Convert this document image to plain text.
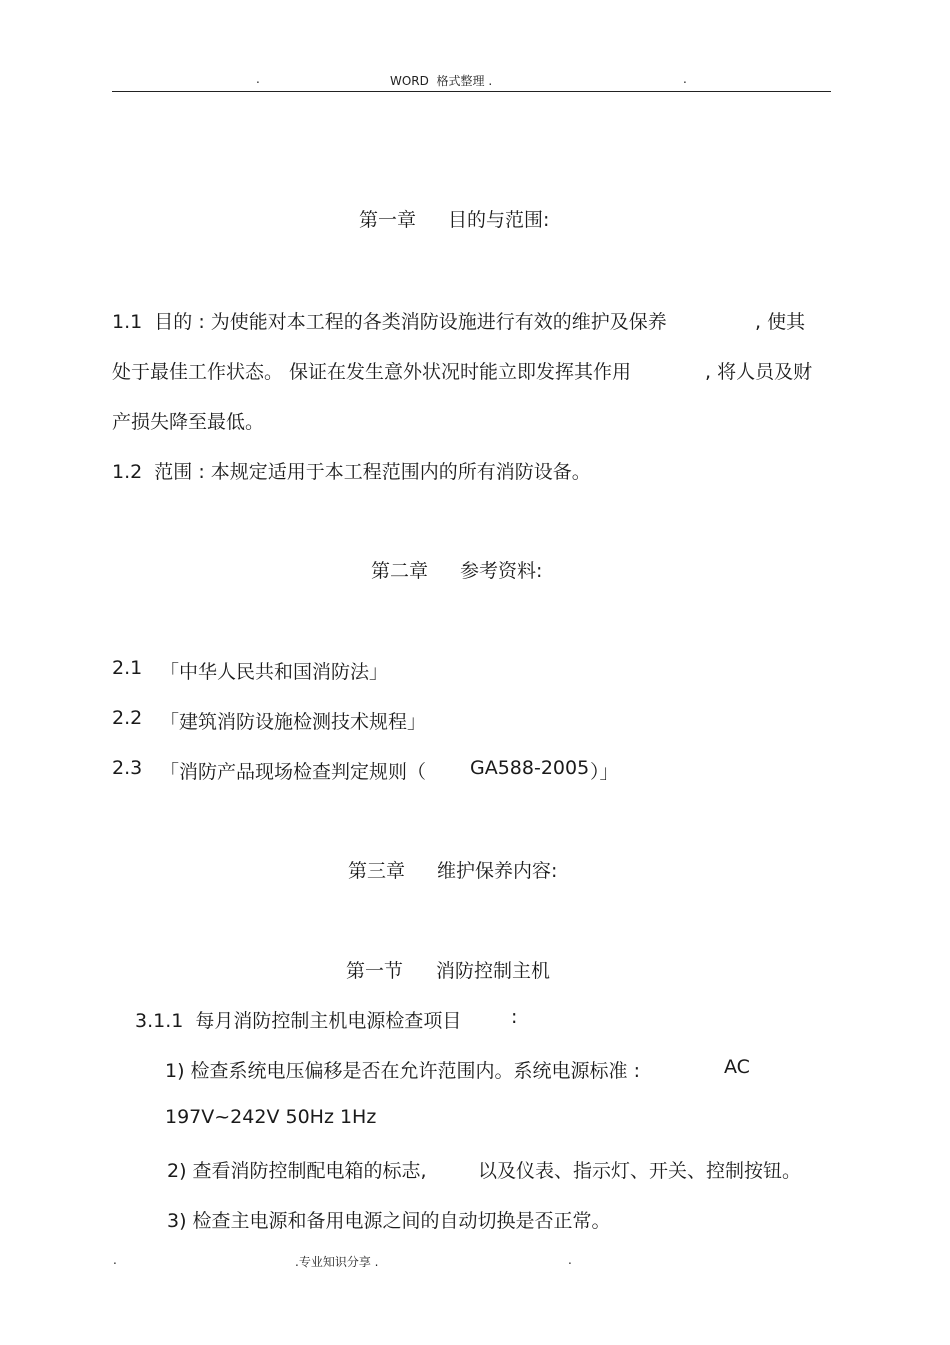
.	WORD  格式整理 .	.
第一章 目的与范围:
1.1  目的 : 为使能对本工程的各类消防设施进行有效的维护及保养	, 使其
处于最佳工作状态。 保证在发生意外状况时能立即发挥其作用	, 将人员及财
产损失降至最低。
1.2  范围 : 本规定适用于本工程范围内的所有消防设备。
第二章 参考资料:
2.1 「中华人民共和国消防法」
2.2 「建筑消防设施检测技术规程」
2.3 「消防产品现场检查判定规则（ GA588-2005 ）」
第三章 维护保养内容:
第一节 消防控制主机
3.1.1  每月消防控制主机电源检查项目	:
1) 检查系统电压偏移是否在允许范围内。系统电源标准 :	AC
197V~242V 50Hz 1Hz
2) 查看消防控制配电箱的标志,	以及仪表、指示灯、开关、控制按钮。
3) 检查主电源和备用电源之间的自动切换是否正常。
.	.专业知识分享 .	.
